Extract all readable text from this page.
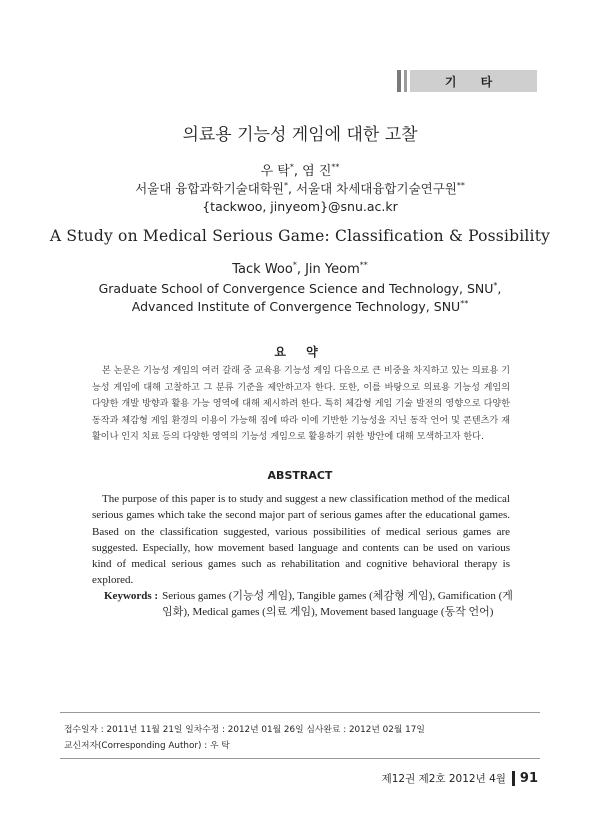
기 타
의료용 기능성 게임에 대한 고찰
우 탁*, 염 진**
서울대 융합과학기술대학원*, 서울대 차세대융합기술연구원**
{tackwoo, jinyeom}@snu.ac.kr
A Study on Medical Serious Game: Classification & Possibility
Tack Woo*, Jin Yeom**
Graduate School of Convergence Science and Technology, SNU*,
Advanced Institute of Convergence Technology, SNU**
요 약
본 논문은 기능성 게임의 여러 갈래 중 교육용 기능성 게임 다음으로 큰 비중을 차지하고 있는 의료용 기능성 게임에 대해 고찰하고 그 분류 기준을 제안하고자 한다. 또한, 이를 바탕으로 의료용 기능성 게임의 다양한 개발 방향과 활용 가능 영역에 대해 제시하려 한다. 특히 체감형 게임 기술 발전의 영향으로 다양한 동작과 체감형 게임 환경의 이용이 가능해 짐에 따라 이에 기반한 기능성을 지닌 동작 언어 및 콘텐츠가 재활이나 인지 치료 등의 다양한 영역의 기능성 게임으로 활용하기 위한 방안에 대해 모색하고자 한다.
ABSTRACT
The purpose of this paper is to study and suggest a new classification method of the medical serious games which take the second major part of serious games after the educational games. Based on the classification suggested, various possibilities of medical serious games are suggested. Especially, how movement based language and contents can be used on various kind of medical serious games such as rehabilitation and cognitive behavioral therapy is explored.
Keywords : Serious games (기능성 게임), Tangible games (체감형 게임), Gamification (게임화), Medical games (의료 게임), Movement based language (동작 언어)
접수일자 : 2011년 11월 21일 일차수정 : 2012년 01월 26일 심사완료 : 2012년 02월 17일
교신저자(Corresponding Author) : 우 탁
제12권 제2호 2012년 4월 91
